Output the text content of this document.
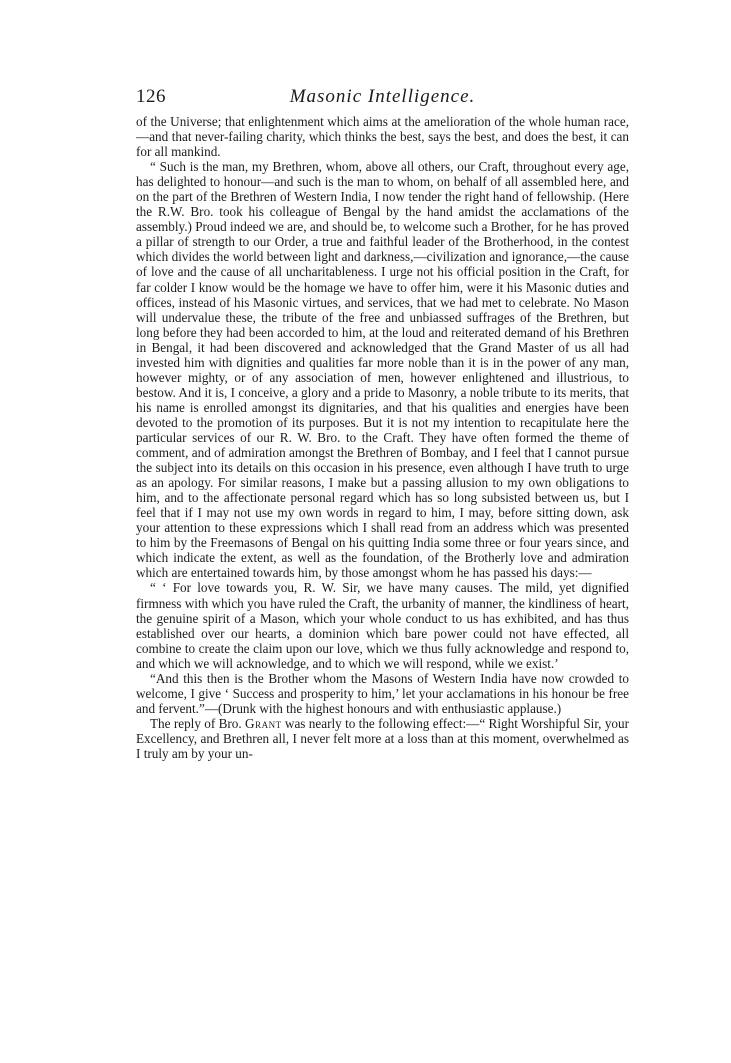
126	Masonic Intelligence.

of the Universe; that enlightenment which aims at the amelioration of the whole human race,—and that never-failing charity, which thinks the best, says the best, and does the best, it can for all mankind.

“ Such is the man, my Brethren, whom, above all others, our Craft, throughout every age, has delighted to honour—and such is the man to whom, on behalf of all assembled here, and on the part of the Brethren of Western India, I now tender the right hand of fellowship. (Here the R.W. Bro. took his colleague of Bengal by the hand amidst the acclamations of the assembly.) Proud indeed we are, and should be, to welcome such a Brother, for he has proved a pillar of strength to our Order, a true and faithful leader of the Brotherhood, in the contest which divides the world between light and darkness,—civilization and ignorance,—the cause of love and the cause of all uncharitableness. I urge not his official position in the Craft, for far colder I know would be the homage we have to offer him, were it his Masonic duties and offices, instead of his Masonic virtues, and services, that we had met to celebrate. No Mason will undervalue these, the tribute of the free and unbiassed suffrages of the Brethren, but long before they had been accorded to him, at the loud and reiterated demand of his Brethren in Bengal, it had been discovered and acknowledged that the Grand Master of us all had invested him with dignities and qualities far more noble than it is in the power of any man, however mighty, or of any association of men, however enlightened and illustrious, to bestow. And it is, I conceive, a glory and a pride to Masonry, a noble tribute to its merits, that his name is enrolled amongst its dignitaries, and that his qualities and energies have been devoted to the promotion of its purposes. But it is not my intention to recapitulate here the particular services of our R. W. Bro. to the Craft. They have often formed the theme of comment, and of admiration amongst the Brethren of Bombay, and I feel that I cannot pursue the subject into its details on this occasion in his presence, even although I have truth to urge as an apology. For similar reasons, I make but a passing allusion to my own obligations to him, and to the affectionate personal regard which has so long subsisted between us, but I feel that if I may not use my own words in regard to him, I may, before sitting down, ask your attention to these expressions which I shall read from an address which was presented to him by the Freemasons of Bengal on his quitting India some three or four years since, and which indicate the extent, as well as the foundation, of the Brotherly love and admiration which are entertained towards him, by those amongst whom he has passed his days:—

“ ‘ For love towards you, R. W. Sir, we have many causes. The mild, yet dignified firmness with which you have ruled the Craft, the urbanity of manner, the kindliness of heart, the genuine spirit of a Mason, which your whole conduct to us has exhibited, and has thus established over our hearts, a dominion which bare power could not have effected, all combine to create the claim upon our love, which we thus fully acknowledge and respond to, and which we will acknowledge, and to which we will respond, while we exist.’

“And this then is the Brother whom the Masons of Western India have now crowded to welcome, I give ‘ Success and prosperity to him,’ let your acclamations in his honour be free and fervent.”—(Drunk with the highest honours and with enthusiastic applause.)

The reply of Bro. Grant was nearly to the following effect:—“ Right Worshipful Sir, your Excellency, and Brethren all, I never felt more at a loss than at this moment, overwhelmed as I truly am by your un-
